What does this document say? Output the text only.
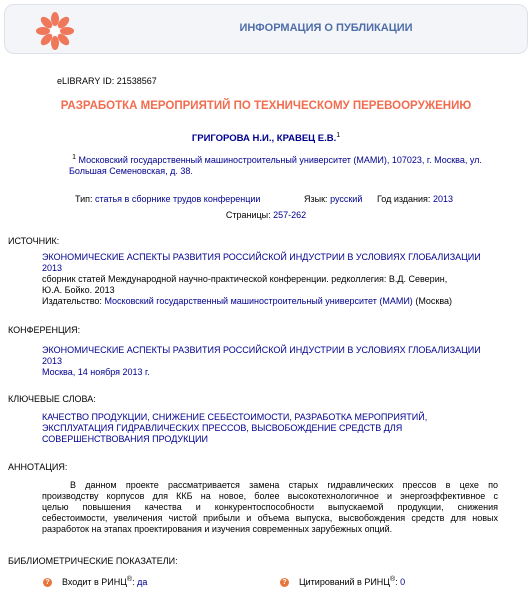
ИНФОРМАЦИЯ О ПУБЛИКАЦИИ
eLIBRARY ID: 21538567
РАЗРАБОТКА МЕРОПРИЯТИЙ ПО ТЕХНИЧЕСКОМУ ПЕРЕВООРУЖЕНИЮ
ГРИГОРОВА Н.И., КРАВЕЦ Е.В.$^1$
$^1$ Московский государственный машиностроительный университет (МАМИ), 107023, г. Москва, ул.
Большая Семеновская, д. 38.
Тип: статья в сборнике трудов конференции	Язык: русский Год издания: 2013
Страницы: 257-262
ИСТОЧНИК:
ЭКОНОМИЧЕСКИЕ АСПЕКТЫ РАЗВИТИЯ РОССИЙСКОЙ ИНДУСТРИИ В УСЛОВИЯХ ГЛОБАЛИЗАЦИИ
2013
сборник статей Международной научно-практической конференции. редколлегия: В.Д. Северин,
Ю.А. Бойко. 2013
Издательство: Московский государственный машиностроительный университет (МАМИ) (Москва)
КОНФЕРЕНЦИЯ:
ЭКОНОМИЧЕСКИЕ АСПЕКТЫ РАЗВИТИЯ РОССИЙСКОЙ ИНДУСТРИИ В УСЛОВИЯХ ГЛОБАЛИЗАЦИИ
2013
Москва, 14 ноября 2013 г.
КЛЮЧЕВЫЕ СЛОВА:
КАЧЕСТВО ПРОДУКЦИИ, СНИЖЕНИЕ СЕБЕСТОИМОСТИ, РАЗРАБОТКА МЕРОПРИЯТИЙ,
ЭКСПЛУАТАЦИЯ ГИДРАВЛИЧЕСКИХ ПРЕССОВ, ВЫСВОБОЖДЕНИЕ СРЕДСТВ ДЛЯ
СОВЕРШЕНСТВОВАНИЯ ПРОДУКЦИИ
АННОТАЦИЯ:
В данном проекте рассматривается замена старых гидравлических прессов в цехе по
производству корпусов для ККБ на новое, более высокотехнологичное и энергоэффективное с
целью повышения качества и конкурентоспособности выпускаемой продукции, снижения
себестоимости, увеличения чистой прибыли и объема выпуска, высвобождения средств для новых
разработок на этапах проектирования и изучения современных зарубежных опций.
БИБЛИОМЕТРИЧЕСКИЕ ПОКАЗАТЕЛИ:
? Входит в РИНЦ®: да	? Цитирований в РИНЦ®: 0
